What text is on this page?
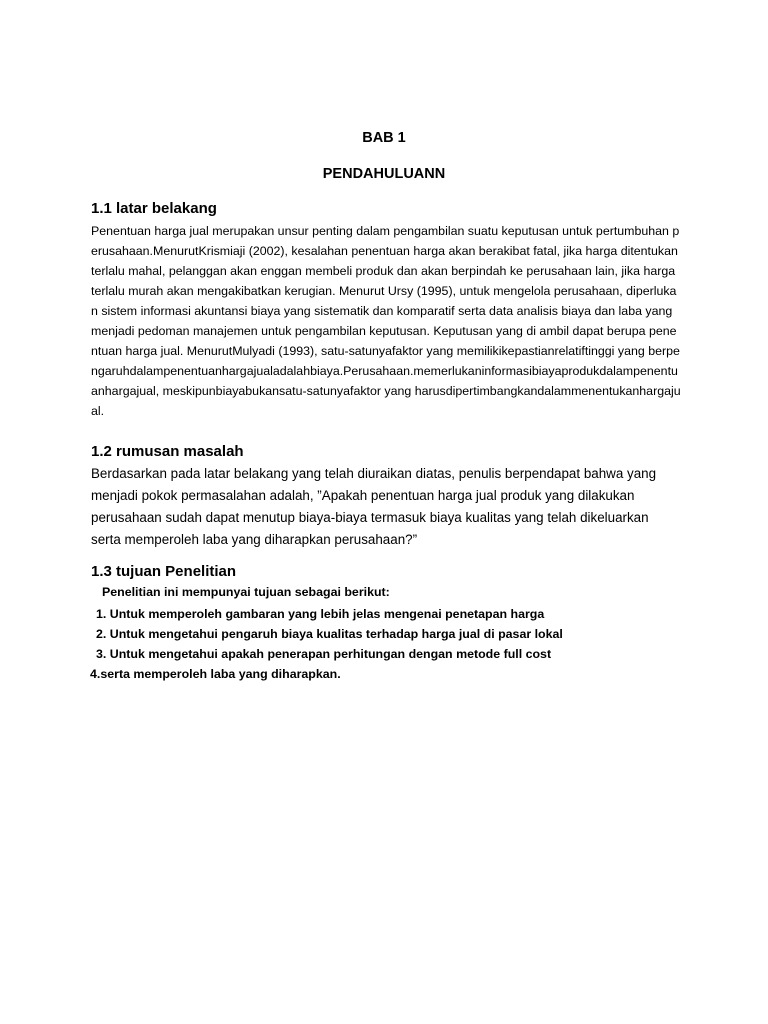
BAB 1
PENDAHULUANN
1.1 latar belakang
Penentuan harga jual merupakan unsur penting dalam pengambilan suatu keputusan untuk pertumbuhan perusahaan.MenurutKrismiaji (2002), kesalahan penentuan harga akan berakibat fatal, jika harga ditentukan terlalu mahal, pelanggan akan enggan membeli produk dan akan berpindah ke perusahaan lain, jika harga terlalu murah akan mengakibatkan kerugian. Menurut Ursy (1995), untuk mengelola perusahaan, diperlukan sistem informasi akuntansi biaya yang sistematik dan komparatif serta data analisis biaya dan laba yang menjadi pedoman manajemen untuk pengambilan keputusan. Keputusan yang di ambil dapat berupa penentuan harga jual. MenurutMulyadi (1993), satu-satunyafaktor yang memilikikepastianrelatiftinggi yang berpengaruhdalampenentuanhargajualadalahbiaya.Perusahaan.memerlukaninformasibiayaprodukdalampenentuanhargajual, meskipunbiayabukansatu-satunyafaktor yang harusdipertimbangkandalammenentukanhargajual.
1.2 rumusan masalah
Berdasarkan pada latar belakang yang telah diuraikan diatas, penulis berpendapat bahwa yang menjadi pokok permasalahan adalah, ”Apakah penentuan harga jual produk yang dilakukan perusahaan sudah dapat menutup biaya-biaya termasuk biaya kualitas yang telah dikeluarkan serta memperoleh laba yang diharapkan perusahaan?”
1.3 tujuan Penelitian
Penelitian ini mempunyai tujuan sebagai berikut:
1. Untuk memperoleh gambaran yang lebih jelas mengenai penetapan harga
2. Untuk mengetahui pengaruh biaya kualitas terhadap harga jual di pasar lokal
3. Untuk mengetahui apakah penerapan perhitungan dengan metode full cost
4.serta memperoleh laba yang diharapkan.
